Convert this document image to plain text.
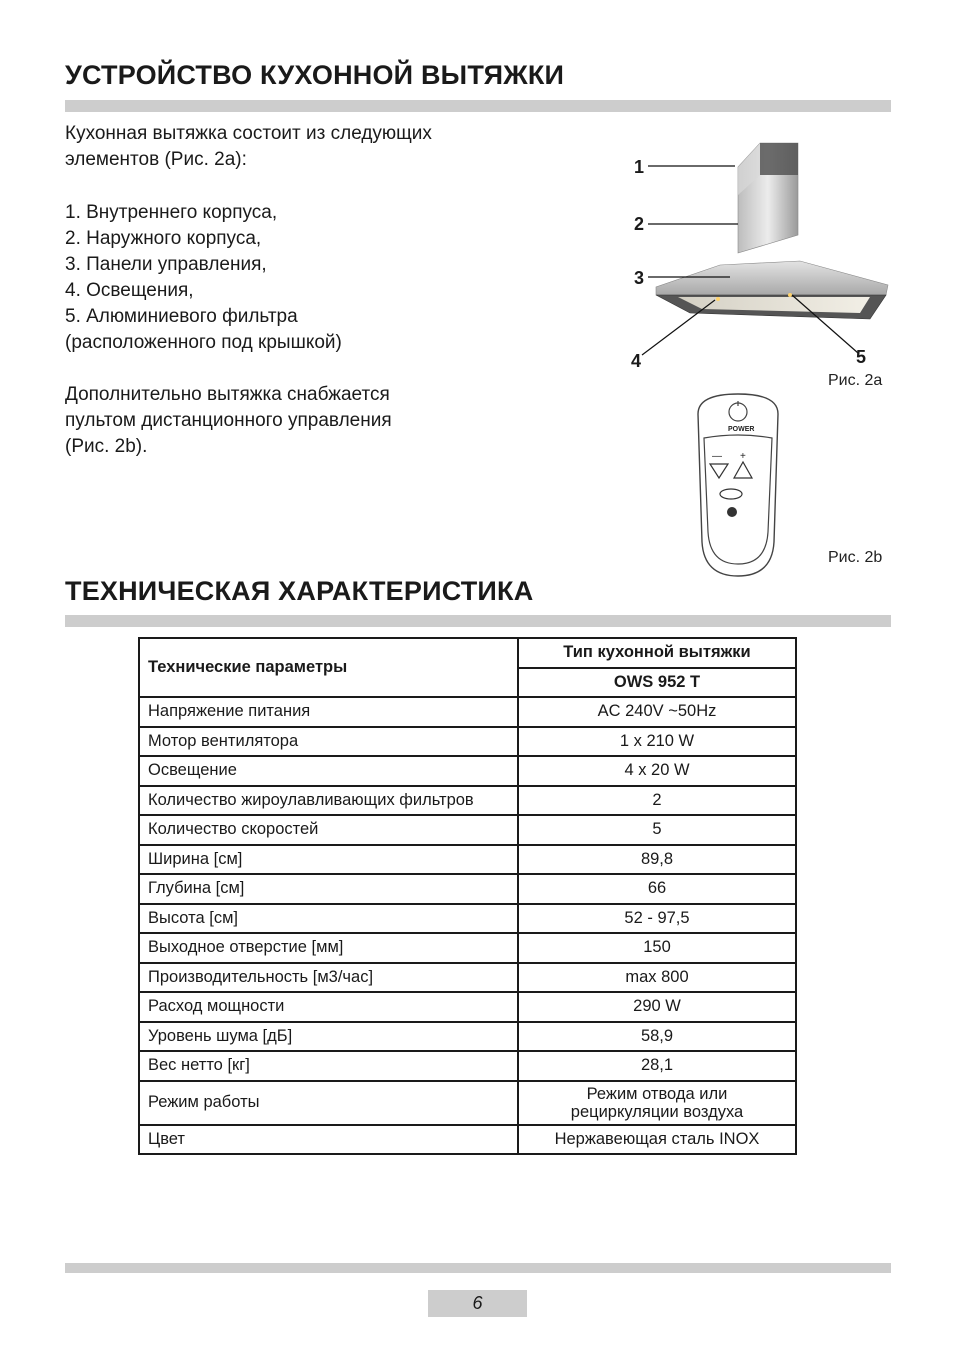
УСТРОЙСТВО КУХОННОЙ ВЫТЯЖКИ
Кухонная вытяжка состоит из следующих
элементов (Рис. 2а):
1. Внутреннего корпуса,
2. Наружного корпуса,
3. Панели управления,
4. Освещения,
5. Алюминиевого фильтра
(расположенного под крышкой)
Дополнительно вытяжка снабжается
пультом дистанционного управления
(Рис. 2b).
1
2
3
4	5
Рис. 2а
POWER
— +
Рис. 2b
ТЕХНИЧЕСКАЯ ХАРАКТЕРИСТИКА
Технические параметры	Тип кухонной вытяжки
	OWS 952 T
Напряжение питания	AC 240V ~50Hz
Мотор вентилятора	1 x 210 W
Освещение	4 x 20 W
Количество жироулавливающих фильтров	2
Количество скоростей	5
Ширина [см]	89,8
Глубина [см]	66
Высота [см]	52 - 97,5
Выходное отверстие [мм]	150
Производительность [м3/час]	max 800
Расход мощности	290 W
Уровень шума [дБ]	58,9
Вес нетто [кг]	28,1
Режим работы	Режим отвода или
рециркуляции воздуха

Цвет	Нержавеющая сталь INOX
6
